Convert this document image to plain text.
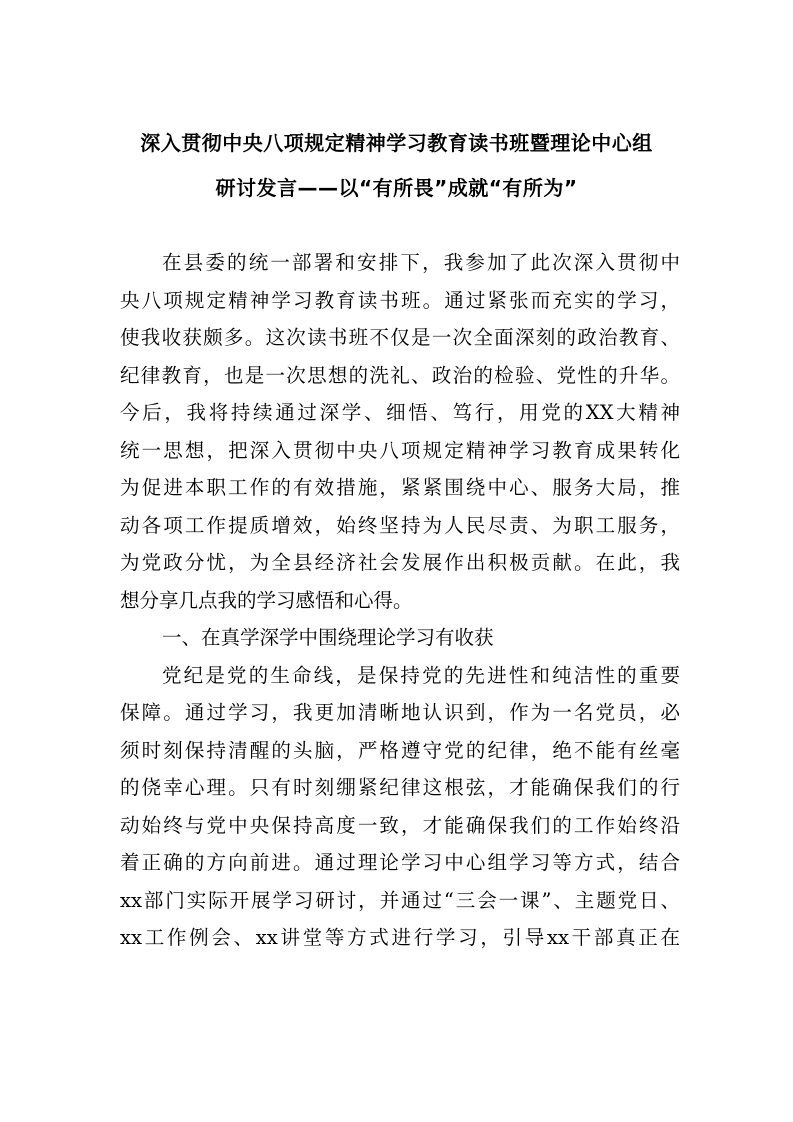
深入贯彻中央八项规定精神学习教育读书班暨理论中心组
研讨发言——以“有所畏”成就“有所为”
在县委的统一部署和安排下，我参加了此次深入贯彻中
央八项规定精神学习教育读书班。通过紧张而充实的学习，
使我收获颇多。这次读书班不仅是一次全面深刻的政治教育、
纪律教育，也是一次思想的洗礼、政治的检验、党性的升华。
今后，我将持续通过深学、细悟、笃行，用党的XX大精神
统一思想，把深入贯彻中央八项规定精神学习教育成果转化
为促进本职工作的有效措施，紧紧围绕中心、服务大局，推
动各项工作提质增效，始终坚持为人民尽责、为职工服务，
为党政分忧，为全县经济社会发展作出积极贡献。在此，我
想分享几点我的学习感悟和心得。
一、在真学深学中围绕理论学习有收获
党纪是党的生命线，是保持党的先进性和纯洁性的重要
保障。通过学习，我更加清晰地认识到，作为一名党员，必
须时刻保持清醒的头脑，严格遵守党的纪律，绝不能有丝毫
的侥幸心理。只有时刻绷紧纪律这根弦，才能确保我们的行
动始终与党中央保持高度一致，才能确保我们的工作始终沿
着正确的方向前进。通过理论学习中心组学习等方式，结合
xx部门实际开展学习研讨，并通过“三会一课”、主题党日、
xx工作例会、xx讲堂等方式进行学习，引导xx干部真正在
